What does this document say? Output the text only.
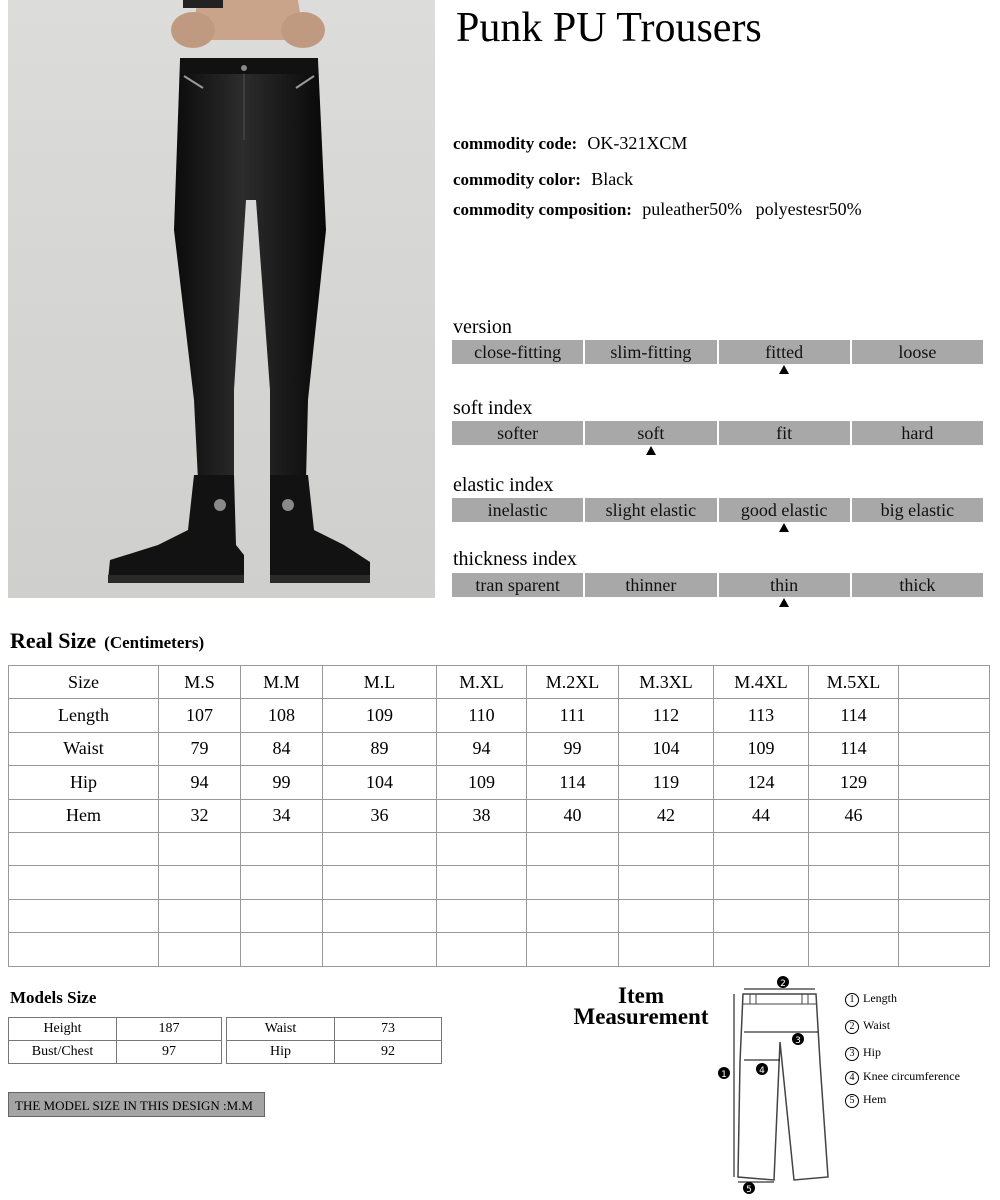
Punk PU Trousers
commodity code: OK-321XCM
commodity color: Black
commodity composition: puleather50%   polyestesr50%
version
close-fitting	slim-fitting	fitted	loose
soft index
softer	soft	fit	hard
elastic index
inelastic	slight elastic	good elastic	big elastic
thickness index
tran sparent	thinner	thin	thick
Real Size (Centimeters)
Size	M.S	M.M	M.L	M.XL	M.2XL	M.3XL	M.4XL	M.5XL	
Length	107	108	109	110	111	112	113	114	
Waist	79	84	89	94	99	104	109	114	
Hip	94	99	104	109	114	119	124	129	
Hem	32	34	36	38	40	42	44	46	

Models Size
Height	187
Bust/Chest	97
Waist	73
Hip	92
THE MODEL SIZE IN THIS DESIGN :M.M
Item
Measurement
2
3
4
1
5
1 Length
2 Waist
3 Hip
4 Knee circumference
5 Hem
